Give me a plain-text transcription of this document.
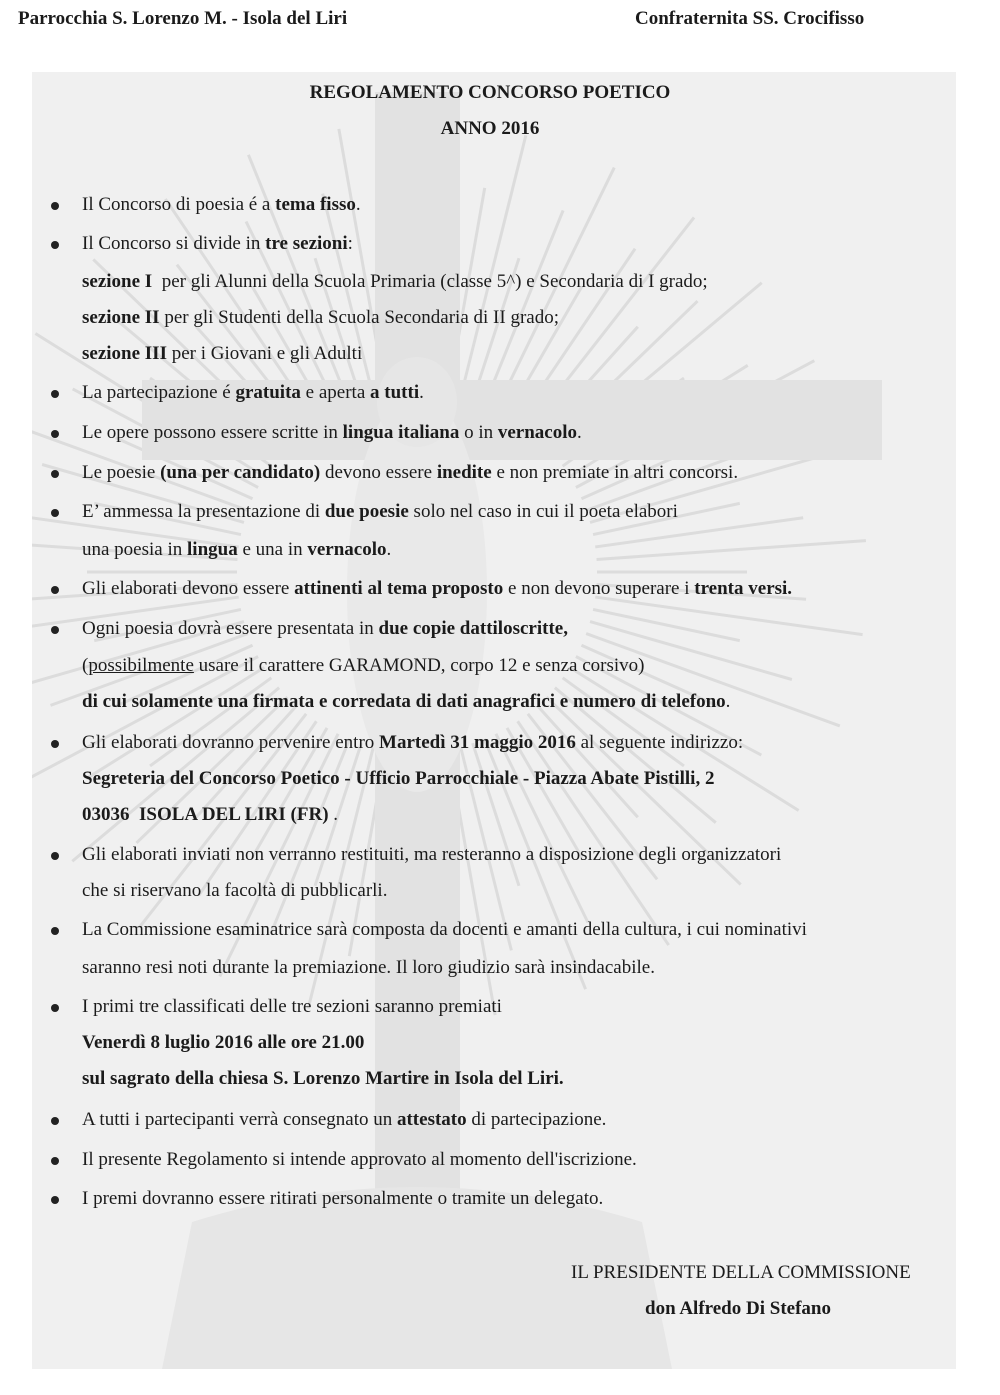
Parrocchia S. Lorenzo M. - Isola del Liri	Confraternita SS. Crocifisso
REGOLAMENTO CONCORSO POETICO
ANNO 2016
Il Concorso di poesia é a tema fisso.
Il Concorso si divide in tre sezioni:
sezione I  per gli Alunni della Scuola Primaria (classe 5^) e Secondaria di I grado;
sezione II per gli Studenti della Scuola Secondaria di II grado;
sezione III per i Giovani e gli Adulti
La partecipazione é gratuita e aperta a tutti.
Le opere possono essere scritte in lingua italiana o in vernacolo.
Le poesie (una per candidato) devono essere inedite e non premiate in altri concorsi.
E’ ammessa la presentazione di due poesie solo nel caso in cui il poeta elabori
una poesia in lingua e una in vernacolo.
Gli elaborati devono essere attinenti al tema proposto e non devono superare i trenta versi.
Ogni poesia dovrà essere presentata in due copie dattiloscritte,
(possibilmente usare il carattere GARAMOND, corpo 12 e senza corsivo)
di cui solamente una firmata e corredata di dati anagrafici e numero di telefono.
Gli elaborati dovranno pervenire entro Martedì 31 maggio 2016 al seguente indirizzo:
Segreteria del Concorso Poetico - Ufficio Parrocchiale - Piazza Abate Pistilli, 2
03036  ISOLA DEL LIRI (FR) .
Gli elaborati inviati non verranno restituiti, ma resteranno a disposizione degli organizzatori
che si riservano la facoltà di pubblicarli.
La Commissione esaminatrice sarà composta da docenti e amanti della cultura, i cui nominativi
saranno resi noti durante la premiazione. Il loro giudizio sarà insindacabile.
I primi tre classificati delle tre sezioni saranno premiati
Venerdì 8 luglio 2016 alle ore 21.00
sul sagrato della chiesa S. Lorenzo Martire in Isola del Liri.
A tutti i partecipanti verrà consegnato un attestato di partecipazione.
Il presente Regolamento si intende approvato al momento dell'iscrizione.
I premi dovranno essere ritirati personalmente o tramite un delegato.
IL PRESIDENTE DELLA COMMISSIONE
don Alfredo Di Stefano
